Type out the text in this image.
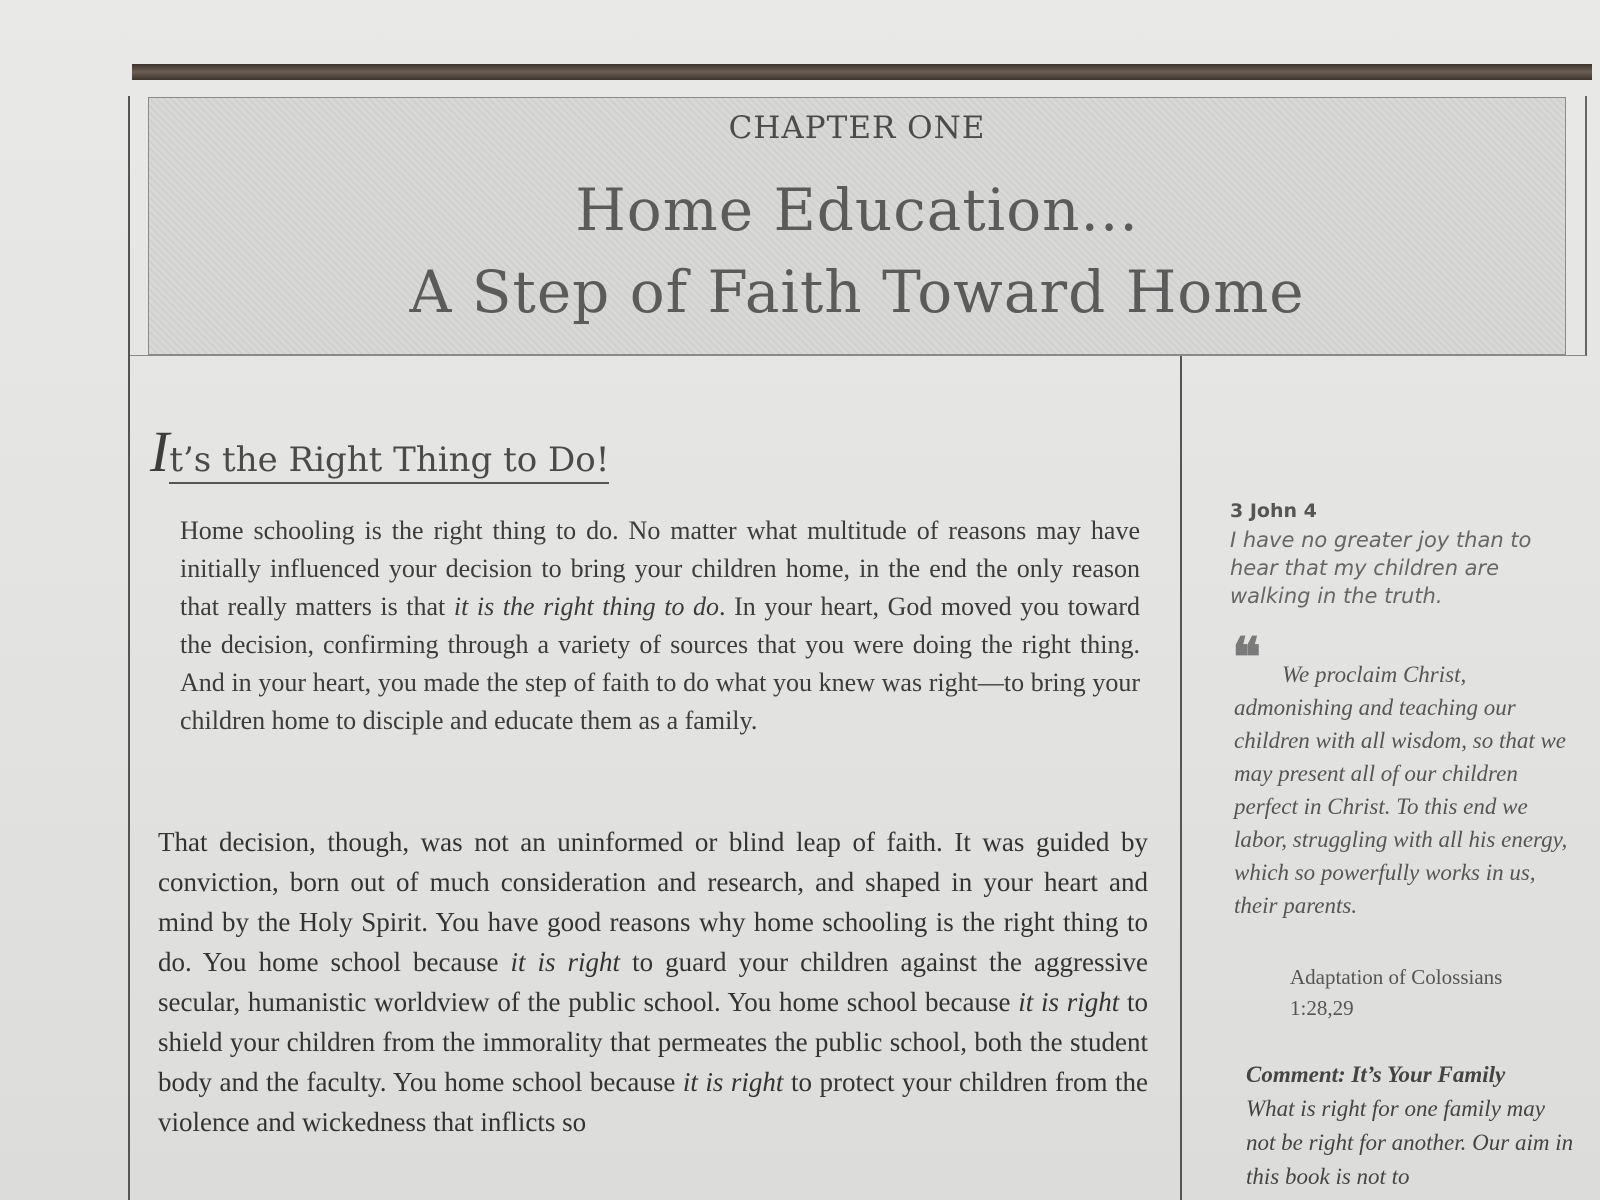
CHAPTER ONE
Home Education...
A Step of Faith Toward Home
It’s the Right Thing to Do!
Home schooling is the right thing to do. No matter what multitude of reasons may have initially influenced your decision to bring your children home, in the end the only reason that really matters is that it is the right thing to do. In your heart, God moved you toward the decision, confirming through a variety of sources that you were doing the right thing. And in your heart, you made the step of faith to do what you knew was right—to bring your children home to disciple and educate them as a family.
That decision, though, was not an uninformed or blind leap of faith. It was guided by conviction, born out of much consideration and research, and shaped in your heart and mind by the Holy Spirit. You have good reasons why home schooling is the right thing to do. You home school because it is right to guard your children against the aggressive secular, humanistic worldview of the public school. You home school because it is right to shield your children from the immorality that permeates the public school, both the student body and the faculty. You home school because it is right to protect your children from the violence and wickedness that inflicts so
3 John 4
I have no greater joy than to hear that my children are walking in the truth.
❝ We proclaim Christ, admonishing and teaching our children with all wisdom, so that we may present all of our children perfect in Christ. To this end we labor, struggling with all his energy, which so powerfully works in us, their parents.
Adaptation of Colossians 1:28,29
Comment: It’s Your Family
What is right for one family may not be right for another. Our aim in this book is not to
